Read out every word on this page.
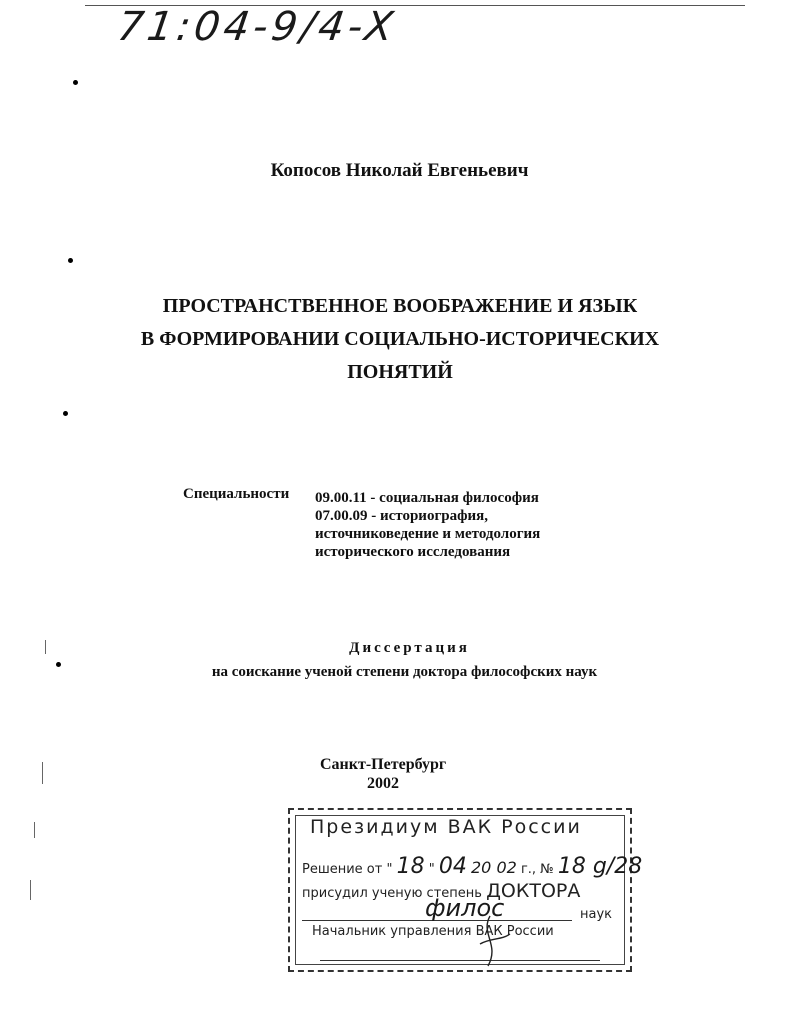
71:04-9/4-X
Копосов Николай Евгеньевич
ПРОСТРАНСТВЕННОЕ ВООБРАЖЕНИЕ И ЯЗЫК
В ФОРМИРОВАНИИ СОЦИАЛЬНО-ИСТОРИЧЕСКИХ
ПОНЯТИЙ
Специальности 09.00.11 - социальная философия
07.00.09 - историография,
источниковедение и методология
исторического исследования
Диссертация
на соискание ученой степени доктора философских наук
Санкт-Петербург
2002
Президиум ВАК России
Решение от " 18 " 04 20 02 г., № 18 g/28
присудил ученую степень ДОКТОРА
филос	наук
Начальник управления ВАК России
